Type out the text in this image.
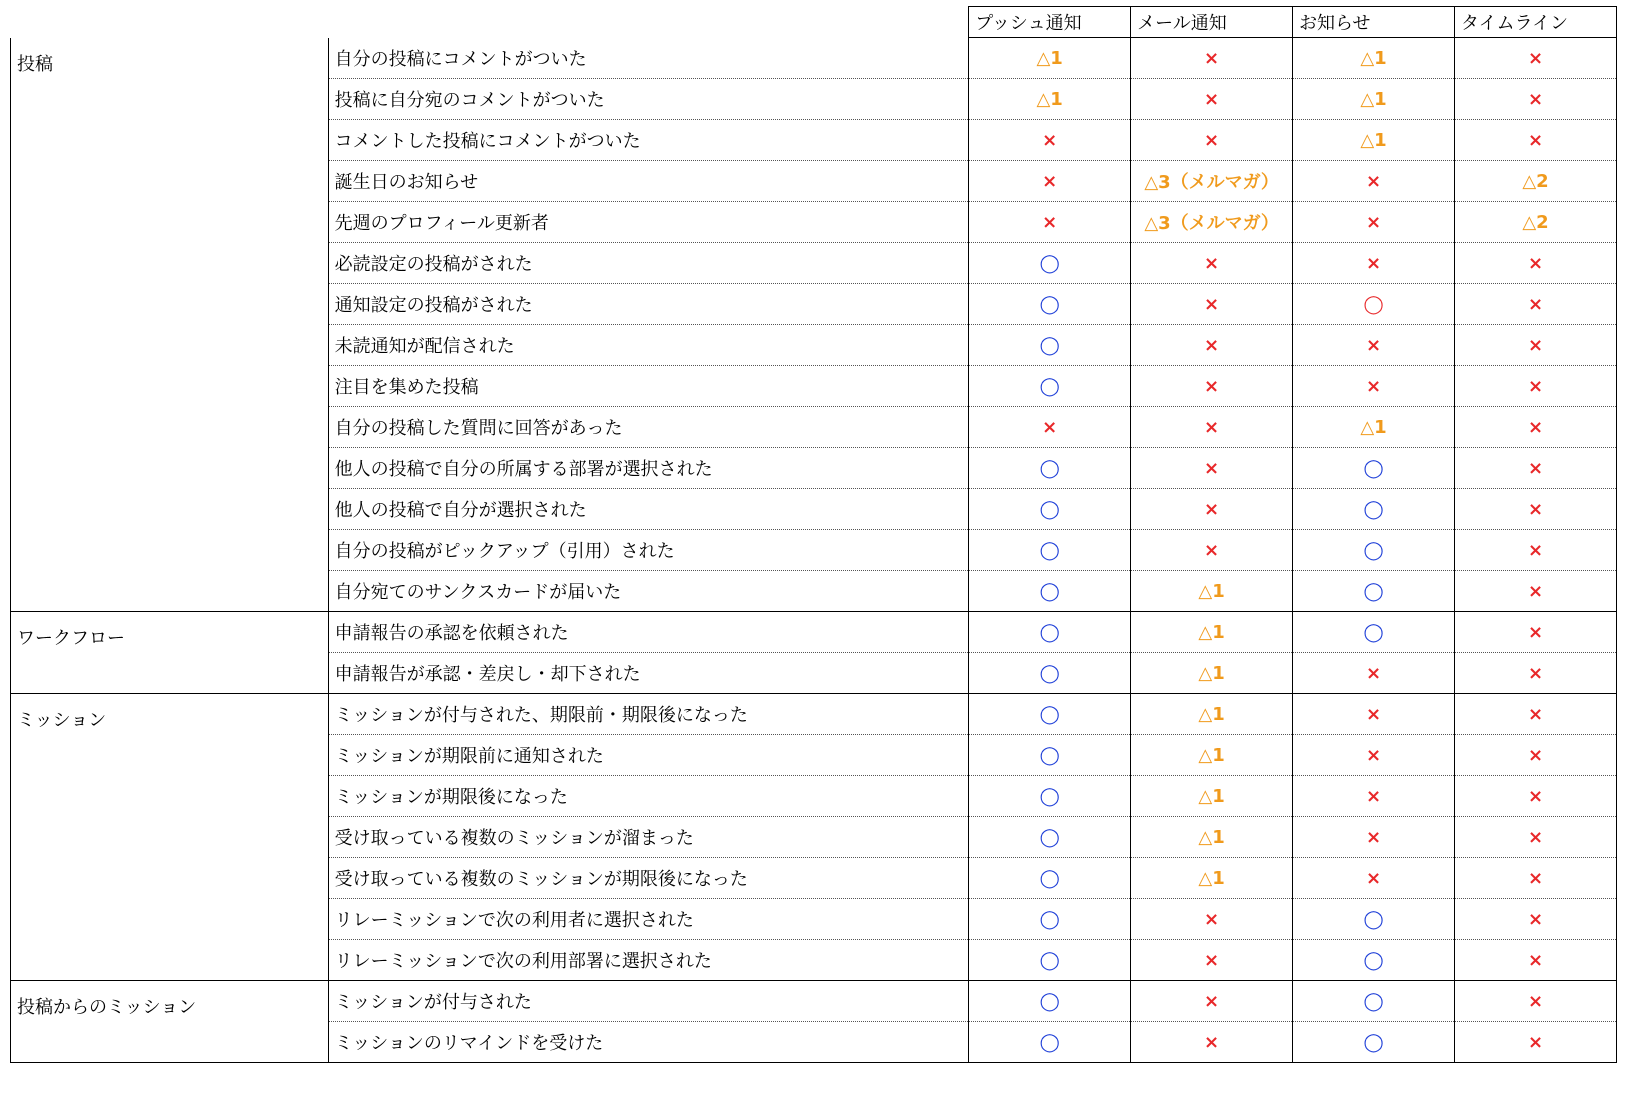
		プッシュ通知	メール通知	お知らせ	タイムライン
投稿	自分の投稿にコメントがついた	△1	×	△1	×
	投稿に自分宛のコメントがついた	△1	×	△1	×
	コメントした投稿にコメントがついた	×	×	△1	×
	誕生日のお知らせ	×	△3（メルマガ）	×	△2
	先週のプロフィール更新者	×	△3（メルマガ）	×	△2
	必読設定の投稿がされた	◯	×	×	×
	通知設定の投稿がされた	◯	×	◯	×
	未読通知が配信された	◯	×	×	×
	注目を集めた投稿	◯	×	×	×
	自分の投稿した質問に回答があった	×	×	△1	×
	他人の投稿で自分の所属する部署が選択された	◯	×	◯	×
	他人の投稿で自分が選択された	◯	×	◯	×
	自分の投稿がピックアップ（引用）された	◯	×	◯	×
	自分宛てのサンクスカードが届いた	◯	△1	◯	×
ワークフロー	申請報告の承認を依頼された	◯	△1	◯	×
	申請報告が承認・差戻し・却下された	◯	△1	×	×
ミッション	ミッションが付与された、期限前・期限後になった	◯	△1	×	×
	ミッションが期限前に通知された	◯	△1	×	×
	ミッションが期限後になった	◯	△1	×	×
	受け取っている複数のミッションが溜まった	◯	△1	×	×
	受け取っている複数のミッションが期限後になった	◯	△1	×	×
	リレーミッションで次の利用者に選択された	◯	×	◯	×
	リレーミッションで次の利用部署に選択された	◯	×	◯	×
投稿からのミッション	ミッションが付与された	◯	×	◯	×
	ミッションのリマインドを受けた	◯	×	◯	×
